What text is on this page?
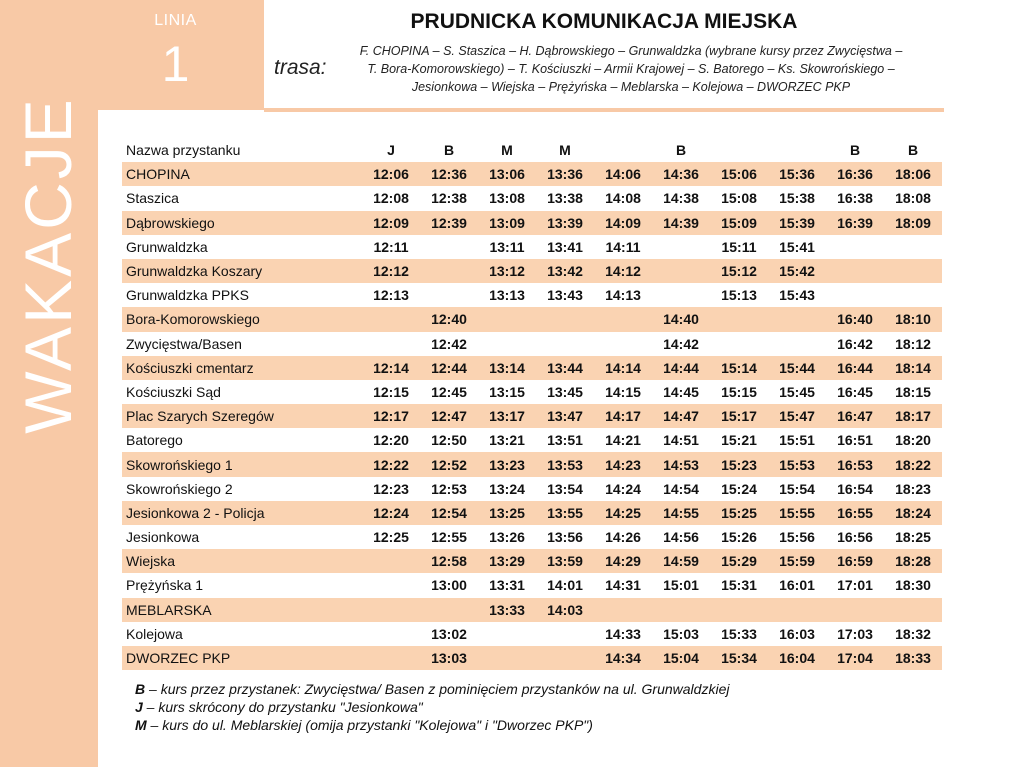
LINIA
1
WAKACJE
PRUDNICKA KOMUNIKACJA MIEJSKA
trasa:
F. CHOPINA – S. Staszica – H. Dąbrowskiego – Grunwaldzka (wybrane kursy przez Zwycięstwa –
T. Bora-Komorowskiego) – T. Kościuszki – Armii Krajowej – S. Batorego – Ks. Skowrońskiego –
Jesionkowa – Wiejska – Prężyńska – Meblarska – Kolejowa – DWORZEC PKP
Nazwa przystanku	J	B	M	M		B			B	B
CHOPINA	12:06	12:36	13:06	13:36	14:06	14:36	15:06	15:36	16:36	18:06
Staszica	12:08	12:38	13:08	13:38	14:08	14:38	15:08	15:38	16:38	18:08
Dąbrowskiego	12:09	12:39	13:09	13:39	14:09	14:39	15:09	15:39	16:39	18:09
Grunwaldzka	12:11		13:11	13:41	14:11		15:11	15:41		
Grunwaldzka Koszary	12:12		13:12	13:42	14:12		15:12	15:42		
Grunwaldzka PPKS	12:13		13:13	13:43	14:13		15:13	15:43		
Bora-Komorowskiego		12:40				14:40			16:40	18:10
Zwycięstwa/Basen		12:42				14:42			16:42	18:12
Kościuszki cmentarz	12:14	12:44	13:14	13:44	14:14	14:44	15:14	15:44	16:44	18:14
Kościuszki Sąd	12:15	12:45	13:15	13:45	14:15	14:45	15:15	15:45	16:45	18:15
Plac Szarych Szeregów	12:17	12:47	13:17	13:47	14:17	14:47	15:17	15:47	16:47	18:17
Batorego	12:20	12:50	13:21	13:51	14:21	14:51	15:21	15:51	16:51	18:20
Skowrońskiego 1	12:22	12:52	13:23	13:53	14:23	14:53	15:23	15:53	16:53	18:22
Skowrońskiego 2	12:23	12:53	13:24	13:54	14:24	14:54	15:24	15:54	16:54	18:23
Jesionkowa 2 - Policja	12:24	12:54	13:25	13:55	14:25	14:55	15:25	15:55	16:55	18:24
Jesionkowa	12:25	12:55	13:26	13:56	14:26	14:56	15:26	15:56	16:56	18:25
Wiejska		12:58	13:29	13:59	14:29	14:59	15:29	15:59	16:59	18:28
Prężyńska 1		13:00	13:31	14:01	14:31	15:01	15:31	16:01	17:01	18:30
MEBLARSKA			13:33	14:03						
Kolejowa		13:02			14:33	15:03	15:33	16:03	17:03	18:32
DWORZEC PKP		13:03			14:34	15:04	15:34	16:04	17:04	18:33
B – kurs przez przystanek: Zwycięstwa/ Basen z pominięciem przystanków na ul. Grunwaldzkiej
J – kurs skrócony do przystanku "Jesionkowa"
M – kurs do ul. Meblarskiej (omija przystanki "Kolejowa" i "Dworzec PKP")
